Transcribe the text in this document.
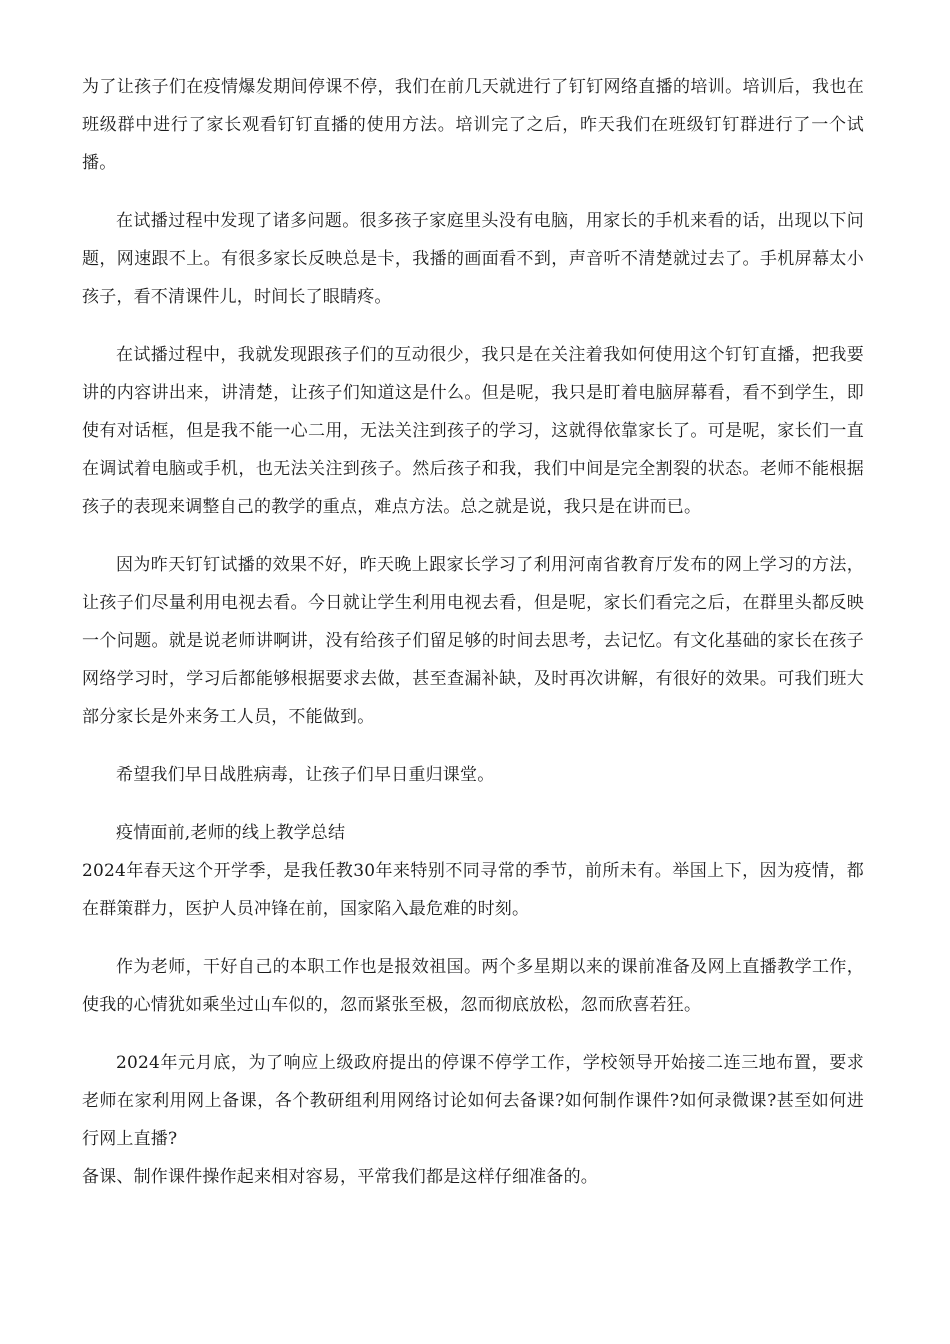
为了让孩子们在疫情爆发期间停课不停，我们在前几天就进行了钉钉网络直播的培训。培训后，我也在班级群中进行了家长观看钉钉直播的使用方法。培训完了之后，昨天我们在班级钉钉群进行了一个试播。

在试播过程中发现了诸多问题。很多孩子家庭里头没有电脑，用家长的手机来看的话，出现以下问题，网速跟不上。有很多家长反映总是卡，我播的画面看不到，声音听不清楚就过去了。手机屏幕太小孩子，看不清课件儿，时间长了眼睛疼。

在试播过程中，我就发现跟孩子们的互动很少，我只是在关注着我如何使用这个钉钉直播，把我要讲的内容讲出来，讲清楚，让孩子们知道这是什么。但是呢，我只是盯着电脑屏幕看，看不到学生，即使有对话框，但是我不能一心二用，无法关注到孩子的学习，这就得依靠家长了。可是呢，家长们一直在调试着电脑或手机，也无法关注到孩子。然后孩子和我，我们中间是完全割裂的状态。老师不能根据孩子的表现来调整自己的教学的重点，难点方法。总之就是说，我只是在讲而已。

因为昨天钉钉试播的效果不好，昨天晚上跟家长学习了利用河南省教育厅发布的网上学习的方法，让孩子们尽量利用电视去看。今日就让学生利用电视去看，但是呢，家长们看完之后，在群里头都反映一个问题。就是说老师讲啊讲，没有给孩子们留足够的时间去思考，去记忆。有文化基础的家长在孩子网络学习时，学习后都能够根据要求去做，甚至查漏补缺，及时再次讲解，有很好的效果。可我们班大部分家长是外来务工人员，不能做到。

希望我们早日战胜病毒，让孩子们早日重归课堂。

疫情面前,老师的线上教学总结

2024年春天这个开学季，是我任教30年来特别不同寻常的季节，前所未有。举国上下，因为疫情，都在群策群力，医护人员冲锋在前，国家陷入最危难的时刻。

作为老师，干好自己的本职工作也是报效祖国。两个多星期以来的课前准备及网上直播教学工作，使我的心情犹如乘坐过山车似的，忽而紧张至极，忽而彻底放松，忽而欣喜若狂。

2024年元月底，为了响应上级政府提出的停课不停学工作，学校领导开始接二连三地布置，要求老师在家利用网上备课，各个教研组利用网络讨论如何去备课?如何制作课件?如何录微课?甚至如何进行网上直播?

备课、制作课件操作起来相对容易，平常我们都是这样仔细准备的。
